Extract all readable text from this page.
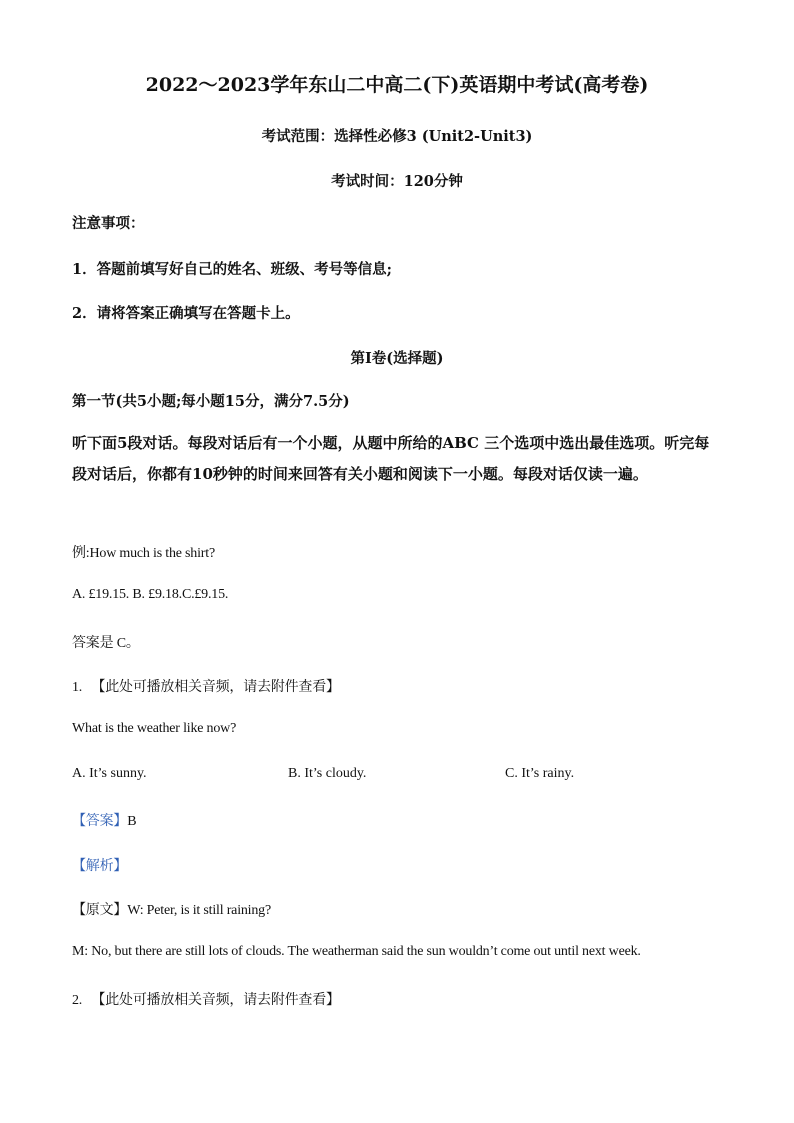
2022～2023学年东山二中高二(下)英语期中考试(高考卷)
考试范围：选择性必修3 (Unit2-Unit3)
考试时间：120分钟
注意事项：
1．答题前填写好自己的姓名、班级、考号等信息;
2．请将答案正确填写在答题卡上。
第I卷(选择题)
第一节(共5小题;每小题15分，满分7.5分)
听下面5段对话。每段对话后有一个小题，从题中所给的ABC 三个选项中选出最佳选项。听完每段对话后，你都有10秒钟的时间来回答有关小题和阅读下一小题。每段对话仅读一遍。
例:How much is the shirt?
A. £19.15. B. £9.18.C.£9.15.
答案是 C。
1. 【此处可播放相关音频，请去附件查看】
What is the weather like now?
A. It’s sunny.	B. It’s cloudy.	C. It’s rainy.
【答案】B
【解析】
【原文】W: Peter, is it still raining?
M: No, but there are still lots of clouds. The weatherman said the sun wouldn’t come out until next week.
2. 【此处可播放相关音频，请去附件查看】
